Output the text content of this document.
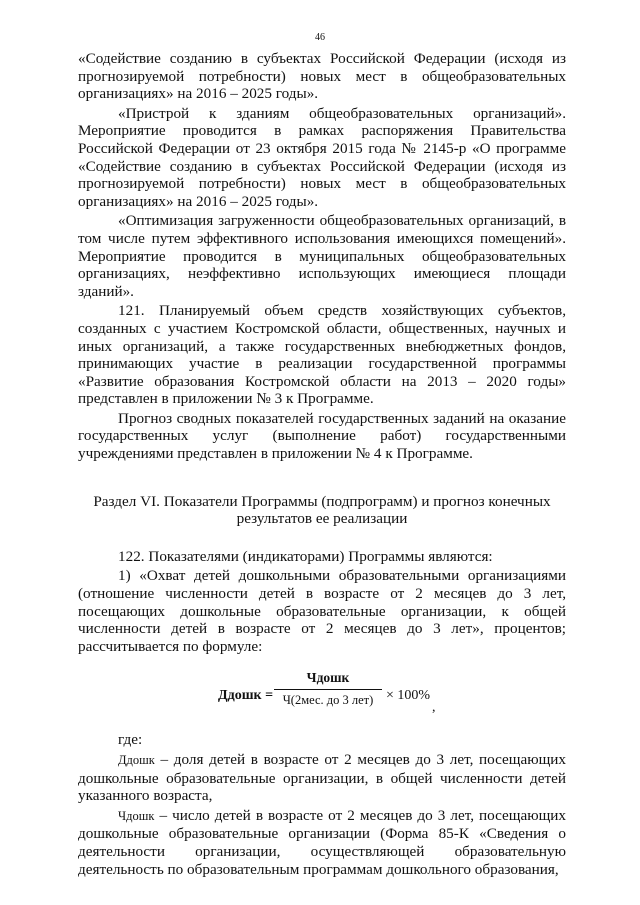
46

«Содействие созданию в субъектах Российской Федерации (исходя из прогнозируемой потребности) новых мест в общеобразовательных организациях» на 2016 – 2025 годы».

«Пристрой к зданиям общеобразовательных организаций». Мероприятие проводится в рамках распоряжения Правительства Российской Федерации от 23 октября 2015 года № 2145-р «О программе «Содействие созданию в субъектах Российской Федерации (исходя из прогнозируемой потребности) новых мест в общеобразовательных организациях» на 2016 – 2025 годы».

«Оптимизация загруженности общеобразовательных организаций, в том числе путем эффективного использования имеющихся помещений». Мероприятие проводится в муниципальных общеобразовательных организациях, неэффективно использующих имеющиеся площади зданий».

121. Планируемый объем средств хозяйствующих субъектов, созданных с участием Костромской области, общественных, научных и иных организаций, а также государственных внебюджетных фондов, принимающих участие в реализации государственной программы «Развитие образования Костромской области на 2013 – 2020 годы» представлен в приложении № 3 к Программе.

Прогноз сводных показателей государственных заданий на оказание государственных услуг (выполнение работ) государственными учреждениями представлен в приложении № 4 к Программе.

Раздел VI. Показатели Программы (подпрограмм) и прогноз конечных
результатов ее реализации

122. Показателями (индикаторами) Программы являются:

1) «Охват детей дошкольными образовательными организациями (отношение численности детей в возрасте от 2 месяцев до 3 лет, посещающих дошкольные образовательные организации, к общей численности детей в возрасте от 2 месяцев до 3 лет», процентов; рассчитывается по формуле:

Ддошк =
Чдошк
Ч(2мес. до 3 лет) × 100%
,

где:

Ддошк – доля детей в возрасте от 2 месяцев до 3 лет, посещающих дошкольные образовательные организации, в общей численности детей указанного возраста,

Чдошк – число детей в возрасте от 2 месяцев до 3 лет, посещающих дошкольные образовательные организации (Форма 85-К «Сведения о деятельности организации, осуществляющей образовательную деятельность по образовательным программам дошкольного образования,
